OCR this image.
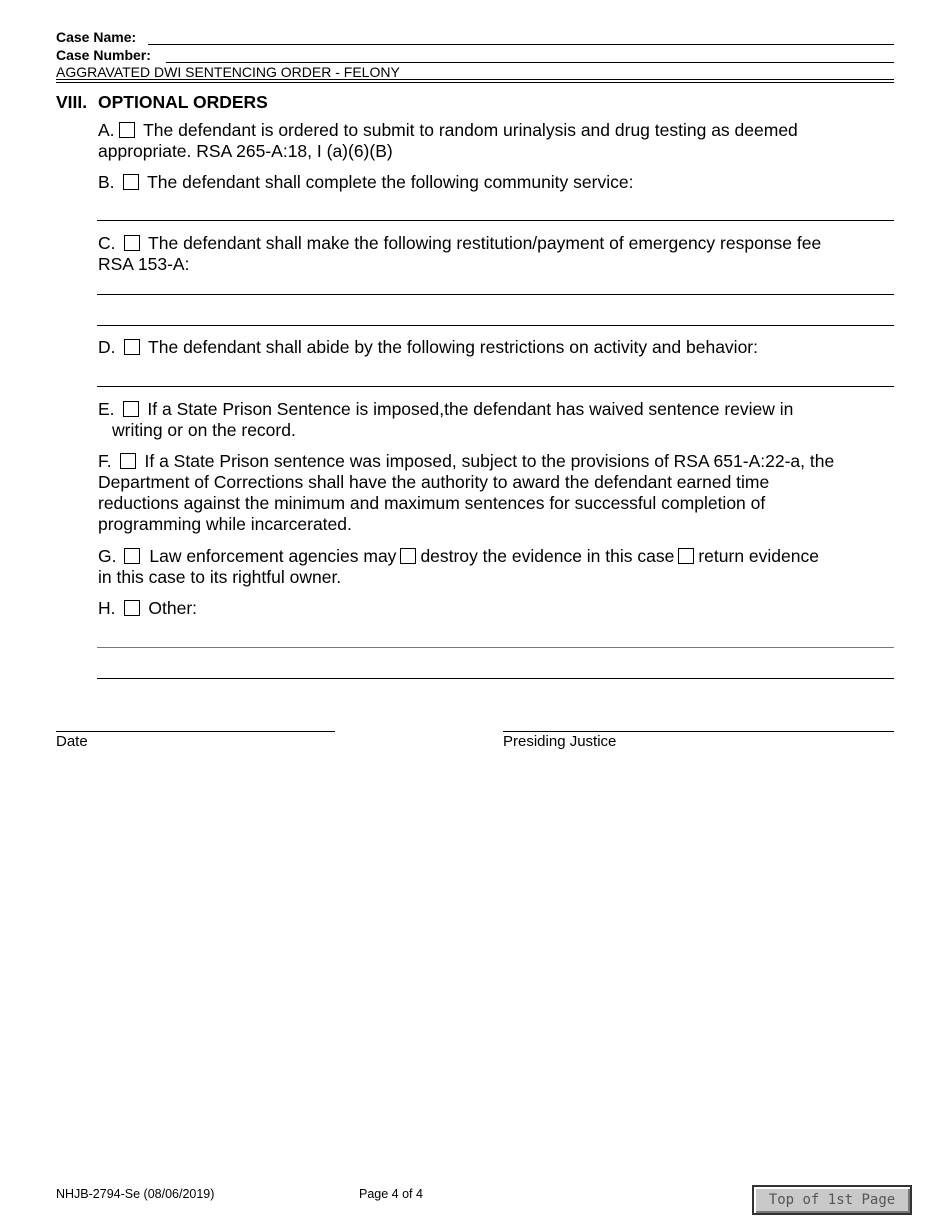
Case Name:
Case Number:
AGGRAVATED DWI SENTENCING ORDER - FELONY
VIII. OPTIONAL ORDERS
A. The defendant is ordered to submit to random urinalysis and drug testing as deemed
appropriate. RSA 265-A:18, I (a)(6)(B)
B. The defendant shall complete the following community service:
C. The defendant shall make the following restitution/payment of emergency response fee
RSA 153-A:
D. The defendant shall abide by the following restrictions on activity and behavior:
E. If a State Prison Sentence is imposed,the defendant has waived sentence review in
writing or on the record.
F. If a State Prison sentence was imposed, subject to the provisions of RSA 651-A:22-a, the
Department of Corrections shall have the authority to award the defendant earned time
reductions against the minimum and maximum sentences for successful completion of
programming while incarcerated.
G. Law enforcement agencies may destroy the evidence in this case return evidence
in this case to its rightful owner.
H. Other:
Date	Presiding Justice
NHJB-2794-Se (08/06/2019)	Page 4 of 4	Top of 1st Page
